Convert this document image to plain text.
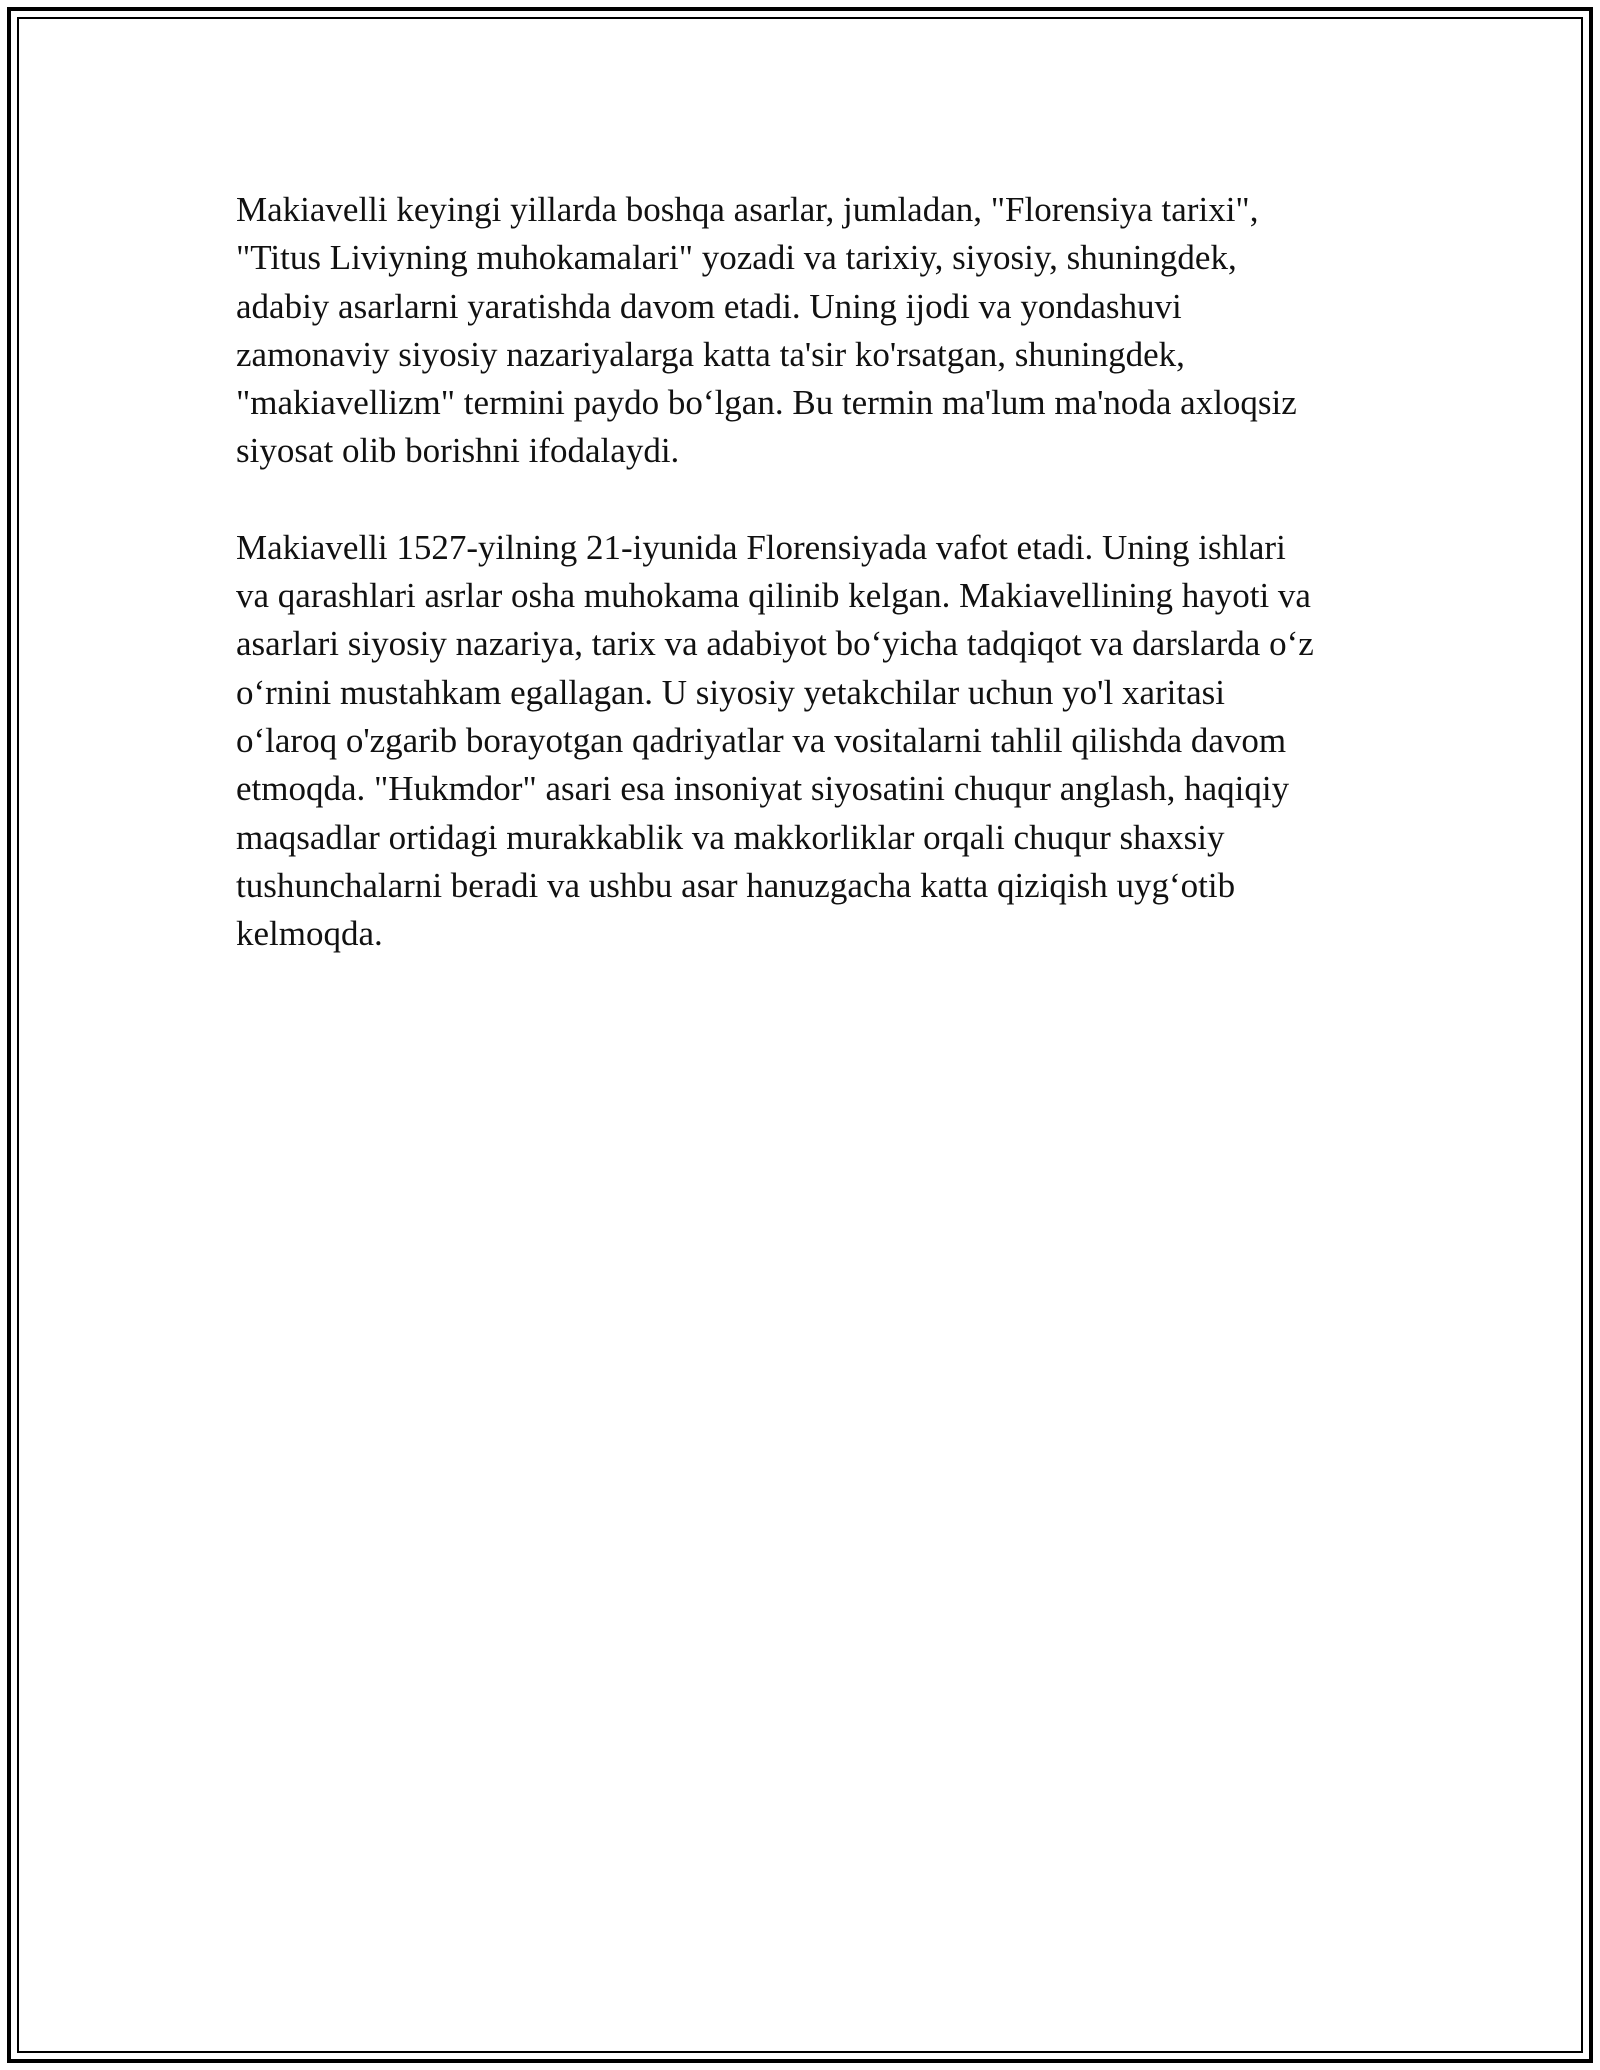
Makiavelli keyingi yillarda boshqa asarlar, jumladan, "Florensiya tarixi",
"Titus Liviyning muhokamalari" yozadi va tarixiy, siyosiy, shuningdek,
adabiy asarlarni yaratishda davom etadi. Uning ijodi va yondashuvi
zamonaviy siyosiy nazariyalarga katta ta'sir ko'rsatgan, shuningdek,
"makiavellizm" termini paydo bo‘lgan. Bu termin ma'lum ma'noda axloqsiz
siyosat olib borishni ifodalaydi.

Makiavelli 1527-yilning 21-iyunida Florensiyada vafot etadi. Uning ishlari
va qarashlari asrlar osha muhokama qilinib kelgan. Makiavellining hayoti va
asarlari siyosiy nazariya, tarix va adabiyot bo‘yicha tadqiqot va darslarda o‘z
o‘rnini mustahkam egallagan. U siyosiy yetakchilar uchun yo'l xaritasi
o‘laroq o'zgarib borayotgan qadriyatlar va vositalarni tahlil qilishda davom
etmoqda. "Hukmdor" asari esa insoniyat siyosatini chuqur anglash, haqiqiy
maqsadlar ortidagi murakkablik va makkorliklar orqali chuqur shaxsiy
tushunchalarni beradi va ushbu asar hanuzgacha katta qiziqish uyg‘otib
kelmoqda.
